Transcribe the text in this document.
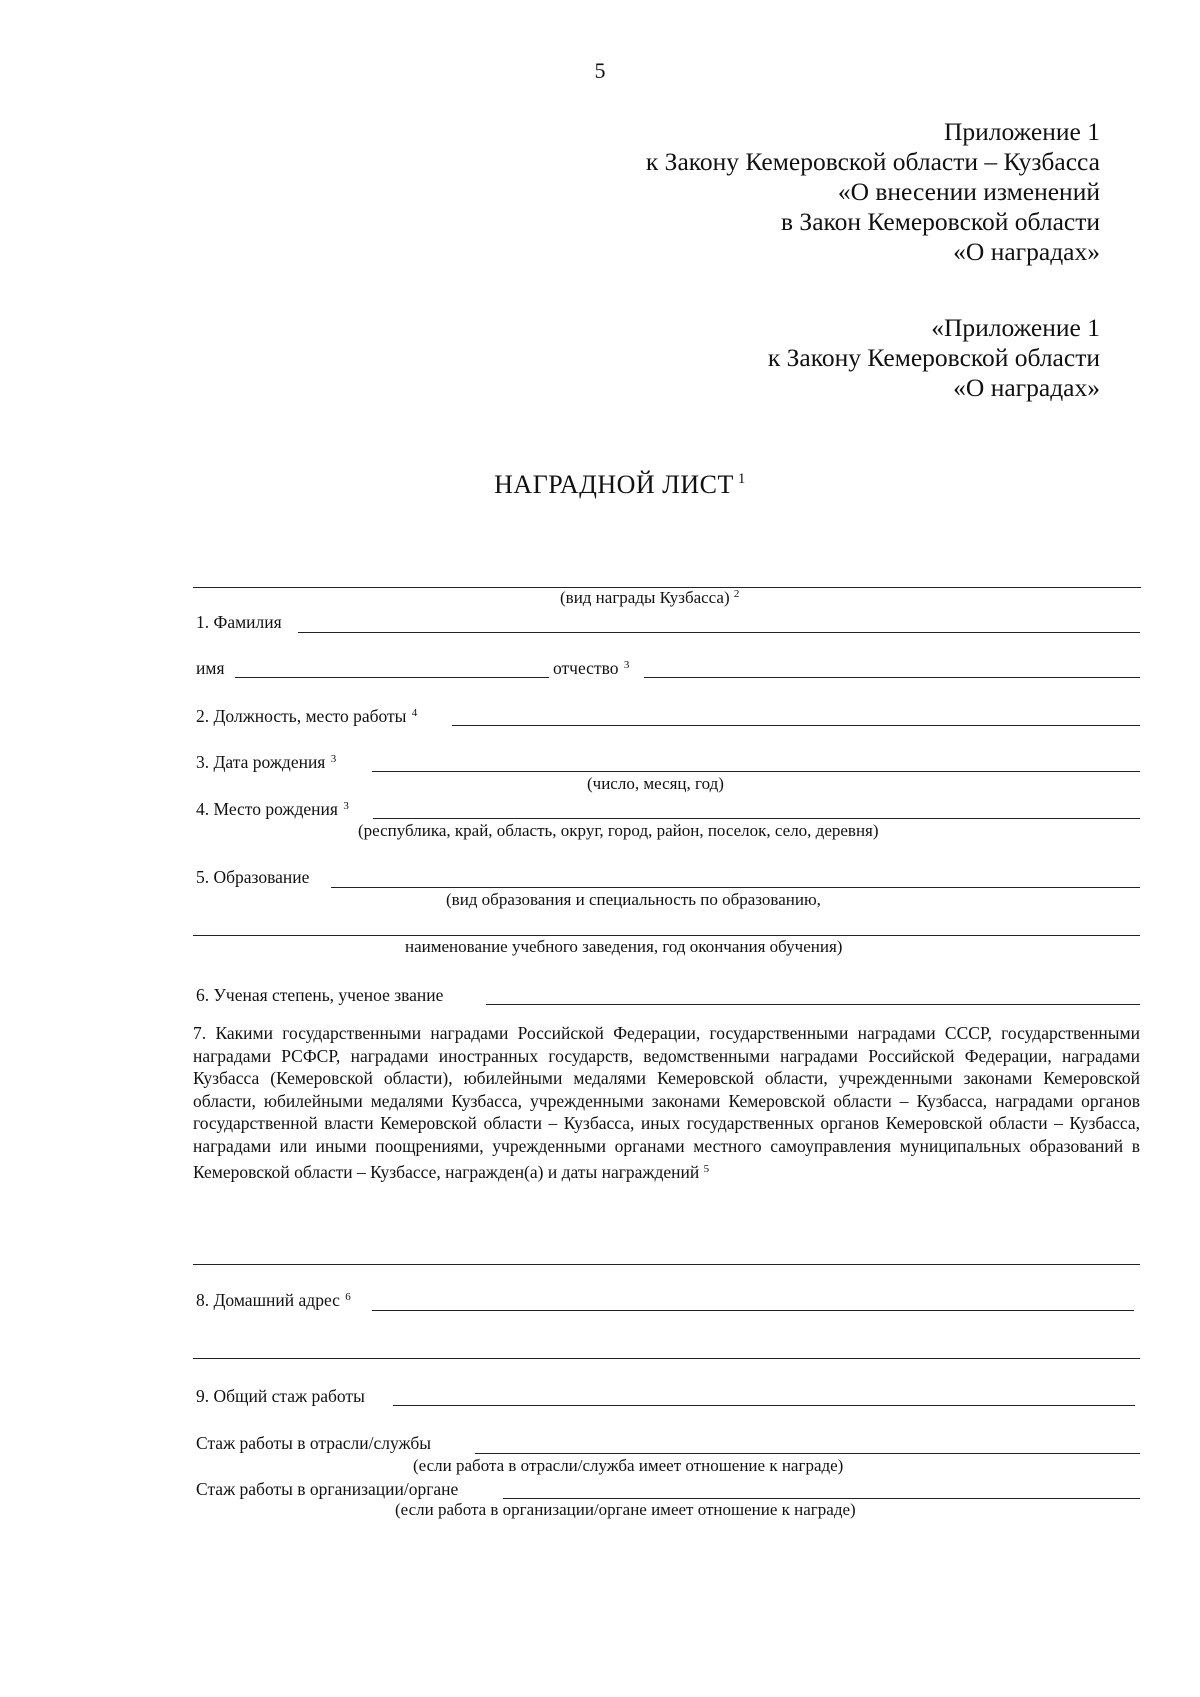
5
Приложение 1
к Закону Кемеровской области – Кузбасса
«О внесении изменений
в Закон Кемеровской области
«О наградах»
«Приложение 1
к Закону Кемеровской области
«О наградах»
НАГРАДНОЙ ЛИСТ $^1$
(вид награды Кузбасса) $^2$
1. Фамилия
имя	отчество $^3$
2. Должность, место работы $^4$
3. Дата рождения $^3$
(число, месяц, год)
4. Место рождения $^3$
(республика, край, область, округ, город, район, поселок, село, деревня)
5. Образование
(вид образования и специальность по образованию,
наименование учебного заведения, год окончания обучения)
6. Ученая степень, ученое звание
7. Какими государственными наградами Российской Федерации, государственными наградами СССР, государственными наградами РСФСР, наградами иностранных государств, ведомственными наградами Российской Федерации, наградами Кузбасса (Кемеровской области), юбилейными медалями Кемеровской области, учрежденными законами Кемеровской области, юбилейными медалями Кузбасса, учрежденными законами Кемеровской области – Кузбасса, наградами органов государственной власти Кемеровской области – Кузбасса, иных государственных органов Кемеровской области – Кузбасса, наградами или иными поощрениями, учрежденными органами местного самоуправления муниципальных образований в Кемеровской области – Кузбассе, награжден(а) и даты награждений $^5$
8. Домашний адрес $^6$
9. Общий стаж работы
Стаж работы в отрасли/службы
(если работа в отрасли/служба имеет отношение к награде)
Стаж работы в организации/органе
(если работа в организации/органе имеет отношение к награде)
